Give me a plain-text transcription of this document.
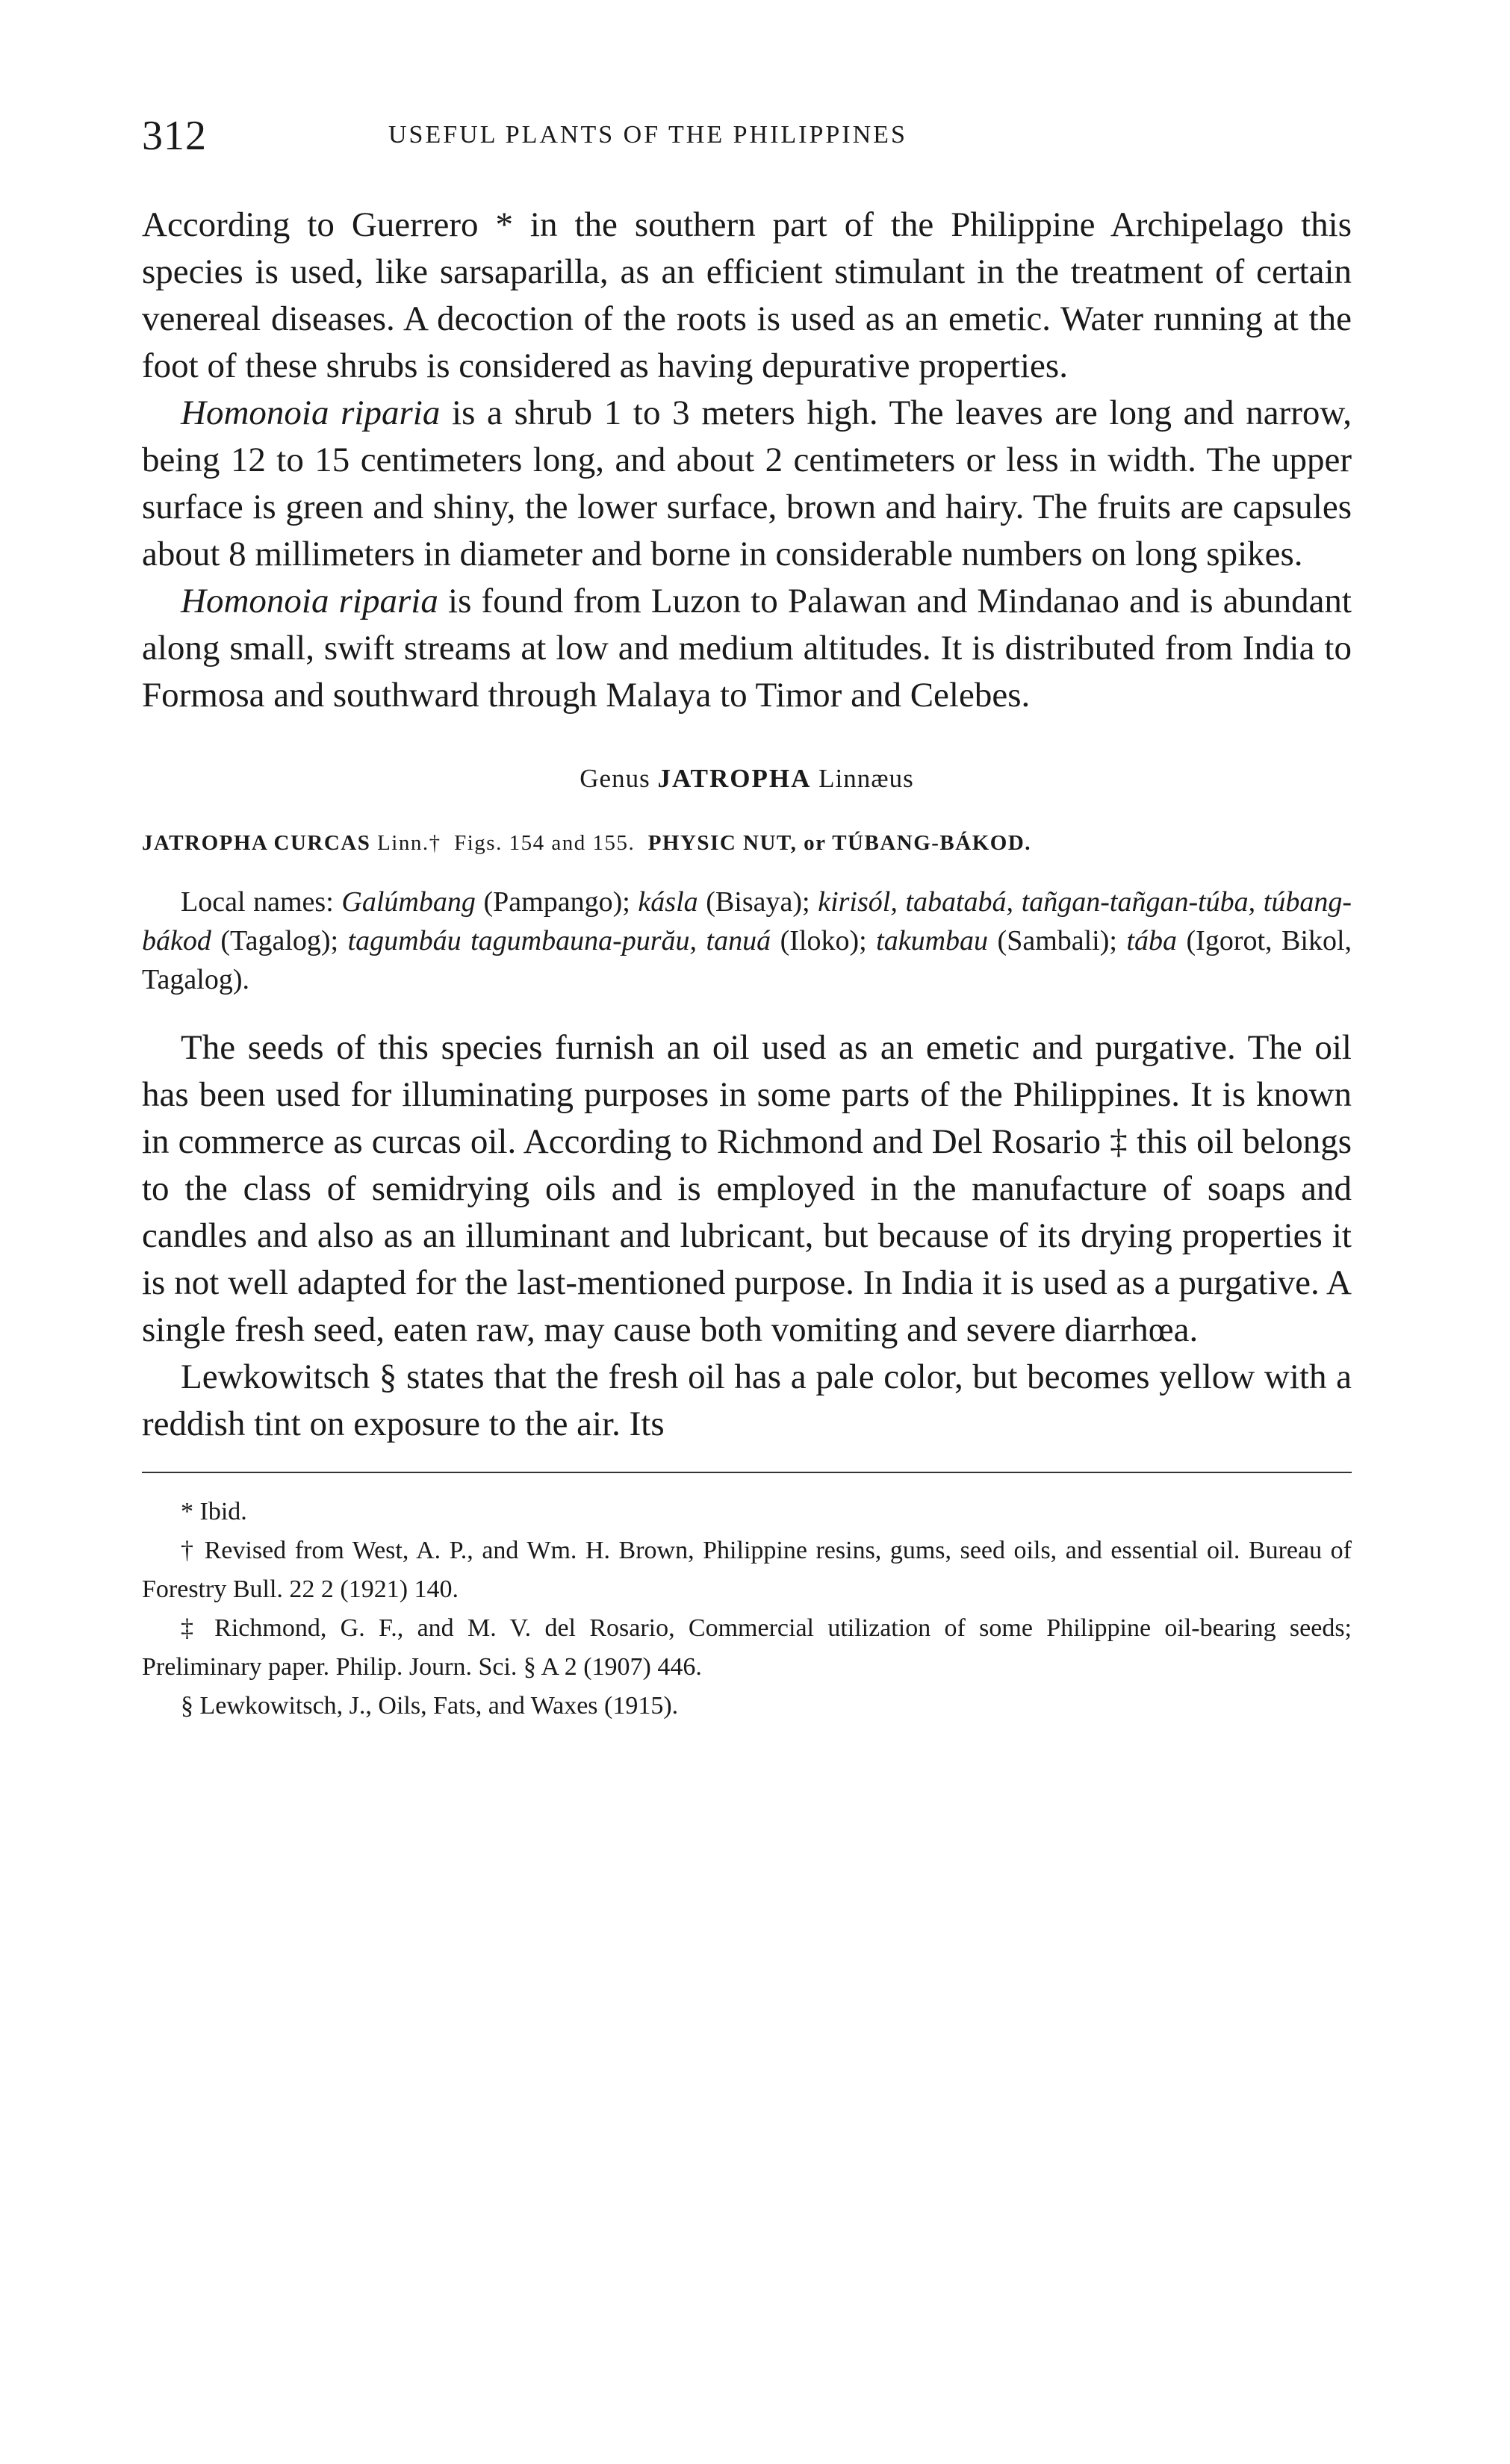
312	USEFUL PLANTS OF THE PHILIPPINES

According to Guerrero * in the southern part of the Philippine Archipelago this species is used, like sarsaparilla, as an efficient stimulant in the treatment of certain venereal diseases. A decoction of the roots is used as an emetic. Water running at the foot of these shrubs is considered as having depurative properties.

Homonoia riparia is a shrub 1 to 3 meters high. The leaves are long and narrow, being 12 to 15 centimeters long, and about 2 centimeters or less in width. The upper surface is green and shiny, the lower surface, brown and hairy. The fruits are capsules about 8 millimeters in diameter and borne in considerable numbers on long spikes.

Homonoia riparia is found from Luzon to Palawan and Mindanao and is abundant along small, swift streams at low and medium altitudes. It is distributed from India to Formosa and southward through Malaya to Timor and Celebes.

Genus JATROPHA Linnæus
JATROPHA CURCAS Linn.†  Figs. 154 and 155.  PHYSIC NUT, or TÚBANG-BÁKOD.

Local names: Galúmbang (Pampango); kásla (Bisaya); kirisól, tabatabá, tañgan-tañgan-túba, túbang-bákod (Tagalog); tagumbáu tagumbauna-purău, tanuá (Iloko); takumbau (Sambali); tába (Igorot, Bikol, Tagalog).

The seeds of this species furnish an oil used as an emetic and purgative. The oil has been used for illuminating purposes in some parts of the Philippines. It is known in commerce as curcas oil. According to Richmond and Del Rosario ‡ this oil belongs to the class of semidrying oils and is employed in the manufacture of soaps and candles and also as an illuminant and lubricant, but because of its drying properties it is not well adapted for the last-mentioned purpose. In India it is used as a purgative. A single fresh seed, eaten raw, may cause both vomiting and severe diarrhœa.

Lewkowitsch § states that the fresh oil has a pale color, but becomes yellow with a reddish tint on exposure to the air. Its

* Ibid.

† Revised from West, A. P., and Wm. H. Brown, Philippine resins, gums, seed oils, and essential oil. Bureau of Forestry Bull. 22 2 (1921) 140.

‡ Richmond, G. F., and M. V. del Rosario, Commercial utilization of some Philippine oil-bearing seeds; Preliminary paper. Philip. Journ. Sci. § A 2 (1907) 446.

§ Lewkowitsch, J., Oils, Fats, and Waxes (1915).
